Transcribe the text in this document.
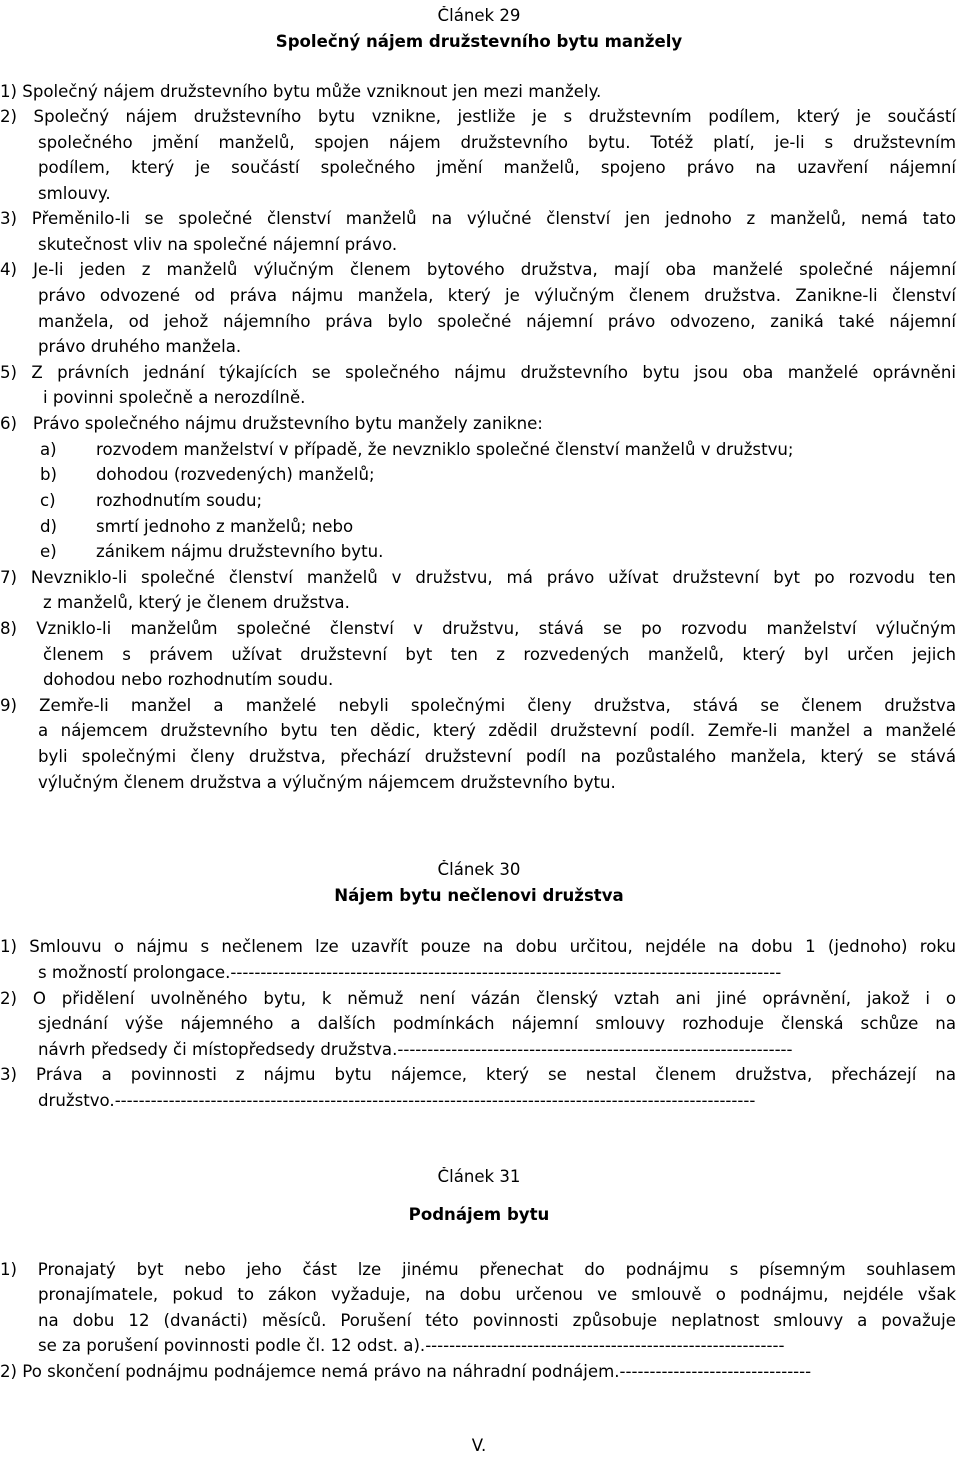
Článek 29
Společný nájem družstevního bytu manžely
1) Společný nájem družstevního bytu může vzniknout jen mezi manžely.
2) Společný nájem družstevního bytu vznikne, jestliže je s družstevním podílem, který je součástí
společného jmění manželů, spojen nájem družstevního bytu. Totéž platí, je-li s družstevním
podílem, který je součástí společného jmění manželů, spojeno právo na uzavření nájemní
smlouvy.
3) Přeměnilo-li se společné členství manželů na výlučné členství jen jednoho z manželů, nemá tato
skutečnost vliv na společné nájemní právo.
4) Je-li jeden z manželů výlučným členem bytového družstva, mají oba manželé společné nájemní
právo odvozené od práva nájmu manžela, který je výlučným členem družstva. Zanikne-li členství
manžela, od jehož nájemního práva bylo společné nájemní právo odvozeno, zaniká také nájemní
právo druhého manžela.
5) Z právních jednání týkajících se společného nájmu družstevního bytu jsou oba manželé oprávněni
i povinni společně a nerozdílně.
6)   Právo společného nájmu družstevního bytu manžely zanikne:
a) rozvodem manželství v případě, že nevzniklo společné členství manželů v družstvu;
b) dohodou (rozvedených) manželů;
c) rozhodnutím soudu;
d) smrtí jednoho z manželů; nebo
e) zánikem nájmu družstevního bytu.
7) Nevzniklo-li společné členství manželů v družstvu, má právo užívat družstevní byt po rozvodu ten
z manželů, který je členem družstva.
8) Vzniklo-li manželům společné členství v družstvu, stává se po rozvodu manželství výlučným
členem s právem užívat družstevní byt ten z rozvedených manželů, který byl určen jejich
dohodou nebo rozhodnutím soudu.
9) Zemře-li manžel a manželé nebyli společnými členy družstva, stává se členem družstva
a nájemcem družstevního bytu ten dědic, který zdědil družstevní podíl. Zemře-li manžel a manželé
byli společnými členy družstva, přechází družstevní podíl na pozůstalého manžela, který se stává
výlučným členem družstva a výlučným nájemcem družstevního bytu.
Článek 30
Nájem bytu nečlenovi družstva
1) Smlouvu o nájmu s nečlenem lze uzavřít pouze na dobu určitou, nejdéle na dobu 1 (jednoho) roku
s možností prolongace.--------------------------------------------------------------------------------------------
2) O přidělení uvolněného bytu, k němuž není vázán členský vztah ani jiné oprávnění, jakož i o
sjednání výše nájemného a dalších podmínkách nájemní smlouvy rozhoduje členská schůze na
návrh předsedy či místopředsedy družstva.------------------------------------------------------------------
3) Práva a povinnosti z nájmu bytu nájemce, který se nestal členem družstva, přecházejí na
družstvo.-----------------------------------------------------------------------------------------------------------
Článek 31
Podnájem bytu
1) Pronajatý byt nebo jeho část lze jinému přenechat do podnájmu s písemným souhlasem
pronajímatele, pokud to zákon vyžaduje, na dobu určenou ve smlouvě o podnájmu, nejdéle však
na dobu 12 (dvanácti) měsíců. Porušení této povinnosti způsobuje neplatnost smlouvy a považuje
se za porušení povinnosti podle čl. 12 odst. a).------------------------------------------------------------
2) Po skončení podnájmu podnájemce nemá právo na náhradní podnájem.--------------------------------
V.
